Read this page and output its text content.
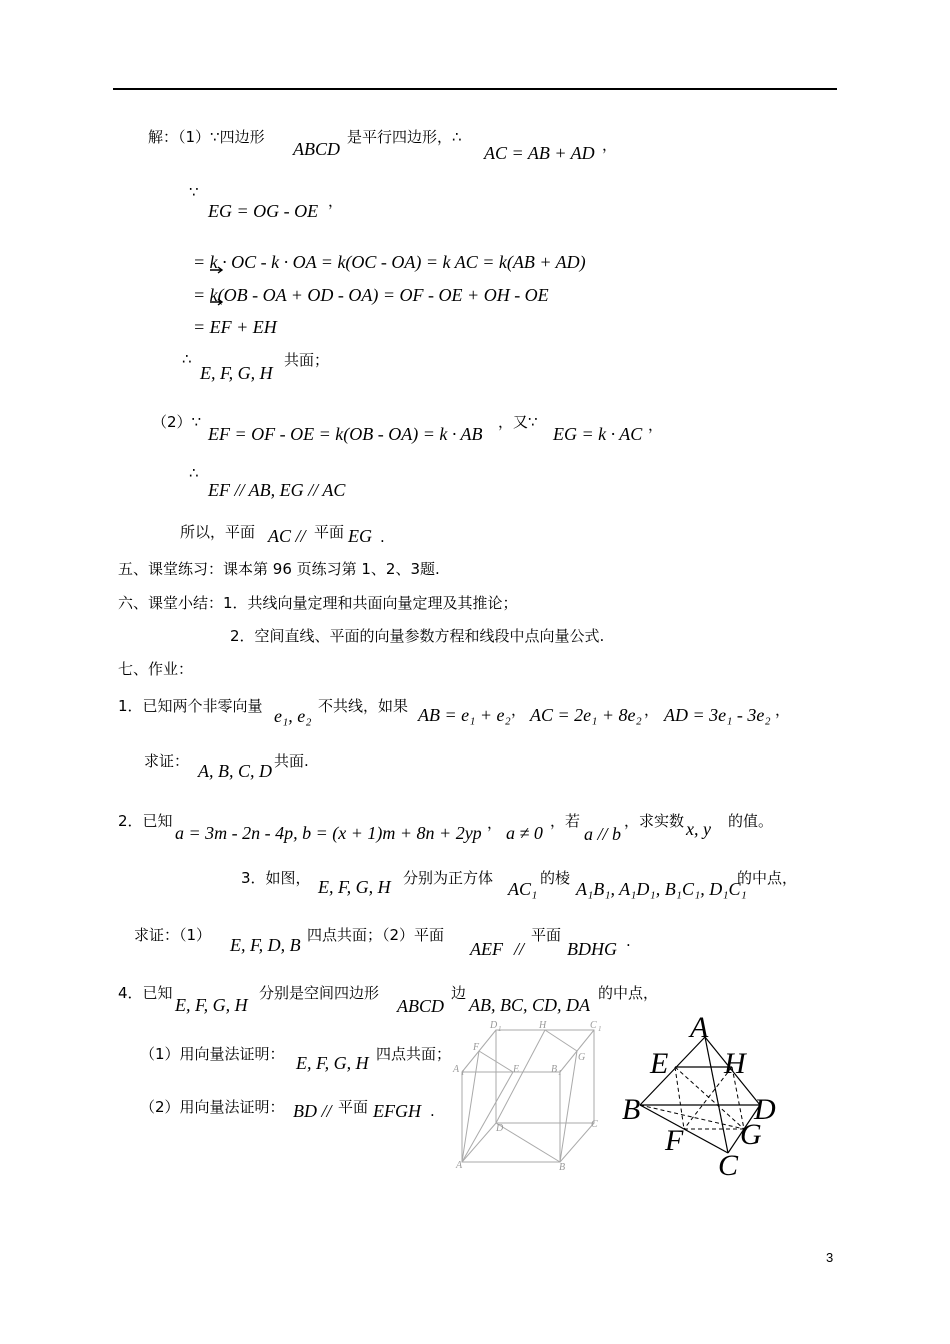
解：（1）∵四边形
ABCD
是平行四边形，∴
AC = AB + AD ，
∵
EG = OG - OE ，
= k · OC - k · OA = k(OC - OA) = k AC = k(AB + AD)
= k(OB - OA + OD - OA) = OF - OE + OH - OE
= EF + EH
∴
E, F, G, H
共面；
（2）∵
EF = OF - OE = k(OB - OA) = k · AB
，又∵
EG = k · AC ，
∴
EF // AB, EG // AC
所以，平面 AC // 平面 EG .
五、课堂练习：课本第 96 页练习第 1、2、3题.
六、课堂小结：1．共线向量定理和共面向量定理及其推论；
2．空间直线、平面的向量参数方程和线段中点向量公式.
七、作业：
1．已知两个非零向量 e₁, e₂ 不共线，如果 AB = e₁ + e₂ ， AC = 2e₁ + 8e₂ ， AD = 3e₁ - 3e₂ ，
求证： A, B, C, D 共面.
2．已知
a = 3m - 2n - 4p, b = (x + 1)m + 8n + 2yp ， a ≠ 0
，若
a // b
，求实数 x, y 的值。
3．如图， E, F, G, H 分别为正方体
AC₁
的棱
A₁B₁, A₁D₁, B₁C₁, D₁C₁
的中点，
求证：（1） E, F, D, B 四点共面；（2）平面
AEF //
平面
BDHG .
4．已知
E, F, G, H
分别是空间四边形
ABCD
边
AB, BC, CD, DA
的中点，
（1）用向量法证明： E, F, G, H 四点共面；
（2）用向量法证明： BD // 平面 EFGH .
D 1	H	C 1
F
G
A 1	E	B 1
D	C
A	B
A
E H
B	D
F G
C
3
